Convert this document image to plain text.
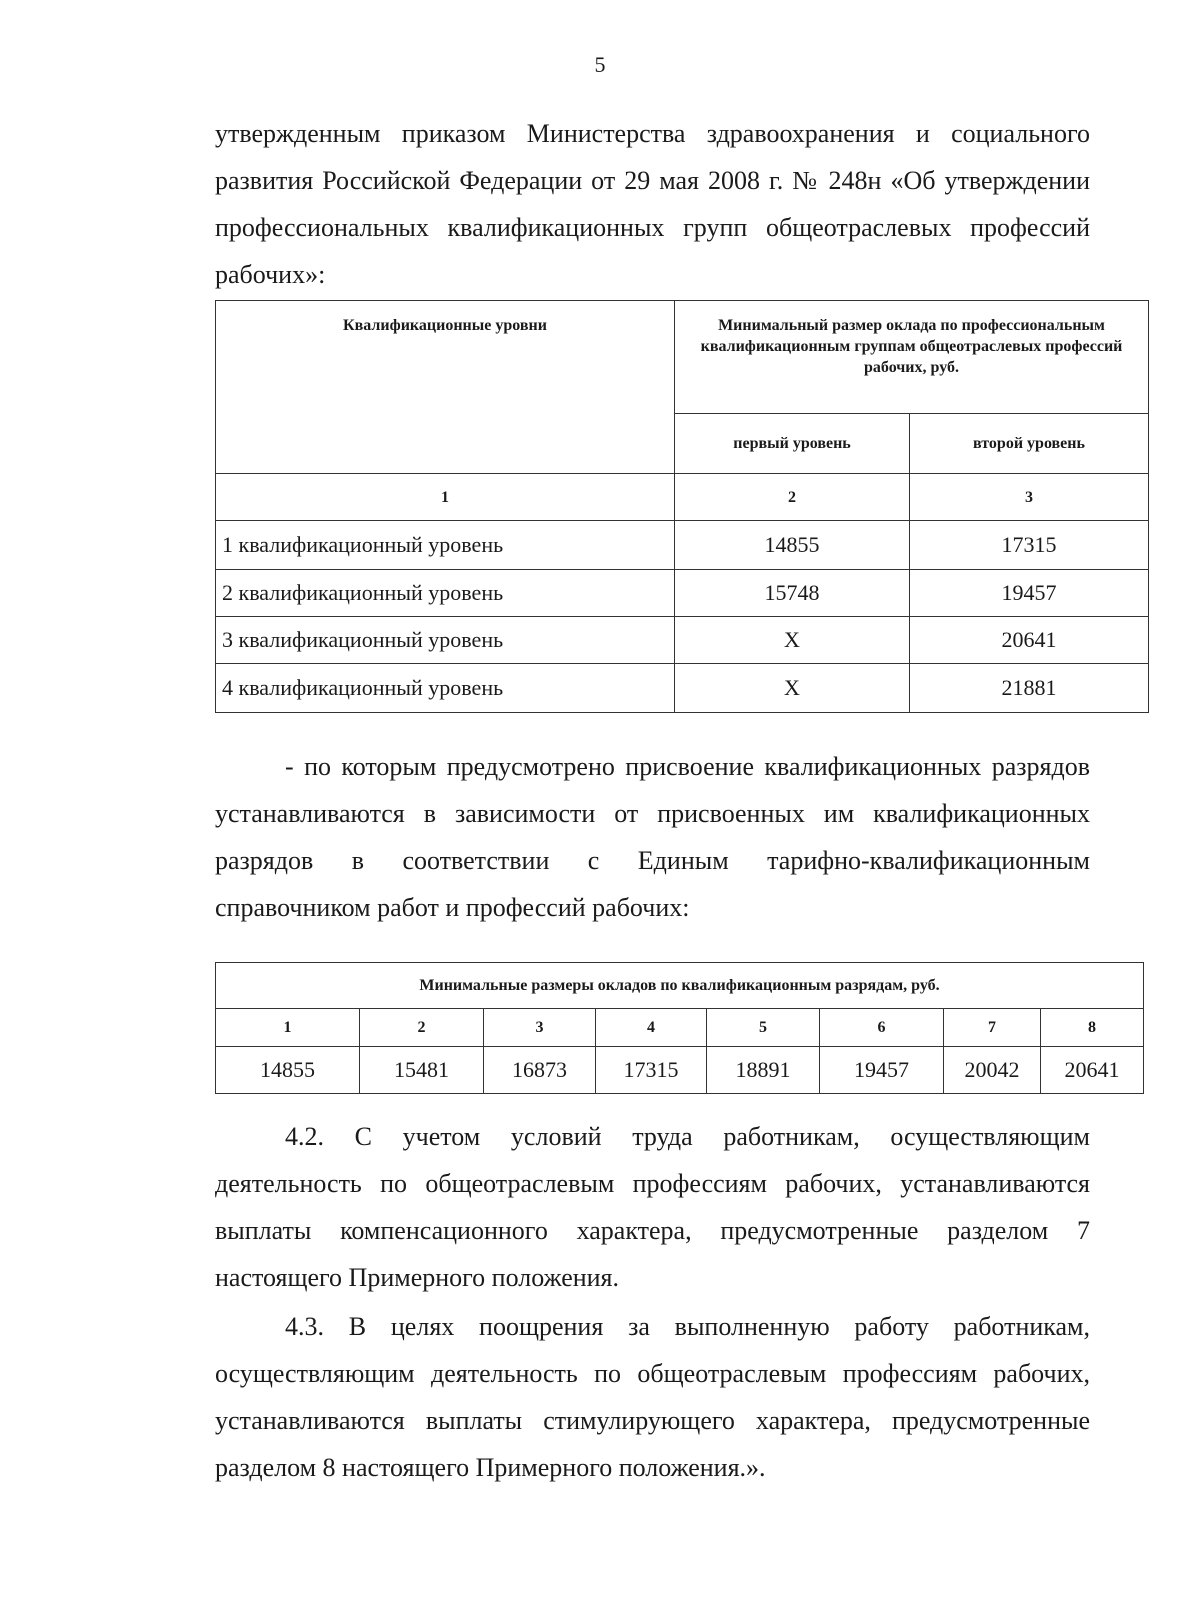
5
утвержденным приказом Министерства здравоохранения и социального развития Российской Федерации от 29 мая 2008 г. № 248н «Об утверждении профессиональных квалификационных групп общеотраслевых профессий рабочих»:
Квалификационные уровни	Минимальный размер оклада по профессиональным квалификационным группам общеотраслевых профессий рабочих, руб.	
	первый уровень	второй уровень
1	2	3
1 квалификационный уровень	14855	17315
2 квалификационный уровень	15748	19457
3 квалификационный уровень	Х	20641
4 квалификационный уровень	Х	21881
- по которым предусмотрено присвоение квалификационных разрядов устанавливаются в зависимости от присвоенных им квалификационных разрядов в соответствии с Единым тарифно-квалификационным справочником работ и профессий рабочих:
Минимальные размеры окладов по квалификационным разрядам, руб.							
1	2	3	4	5	6	7	8
14855	15481	16873	17315	18891	19457	20042	20641
4.2. С учетом условий труда работникам, осуществляющим деятельность по общеотраслевым профессиям рабочих, устанавливаются выплаты компенсационного характера, предусмотренные разделом 7 настоящего Примерного положения.
4.3. В целях поощрения за выполненную работу работникам, осуществляющим деятельность по общеотраслевым профессиям рабочих, устанавливаются выплаты стимулирующего характера, предусмотренные разделом 8 настоящего Примерного положения.».
